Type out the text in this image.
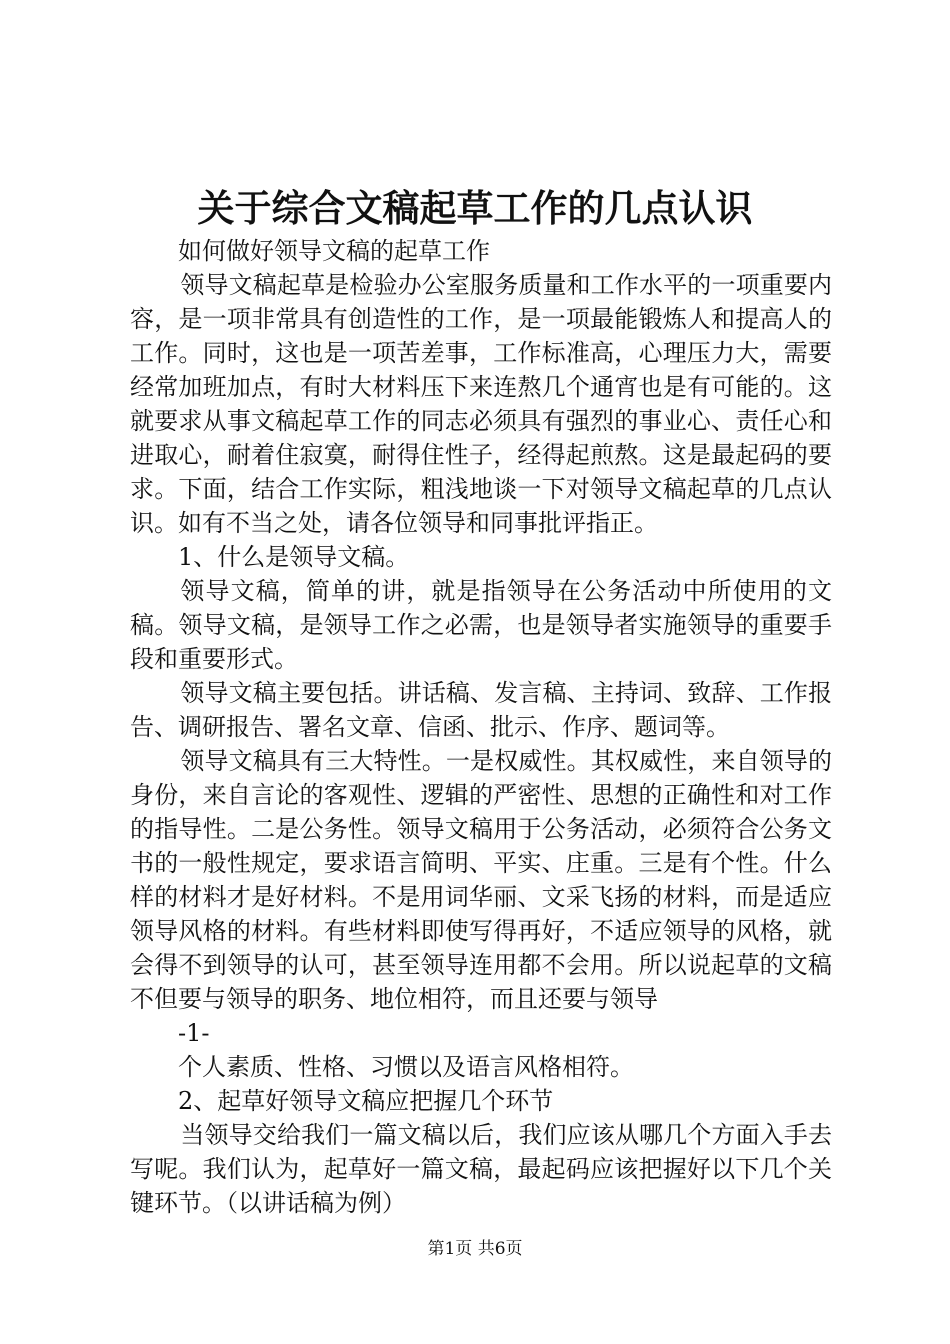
关于综合文稿起草工作的几点认识

如何做好领导文稿的起草工作

领导文稿起草是检验办公室服务质量和工作水平的一项重要内容，是一项非常具有创造性的工作，是一项最能锻炼人和提高人的工作。同时，这也是一项苦差事，工作标准高，心理压力大，需要经常加班加点，有时大材料压下来连熬几个通宵也是有可能的。这就要求从事文稿起草工作的同志必须具有强烈的事业心、责任心和进取心，耐着住寂寞，耐得住性子，经得起煎熬。这是最起码的要求。下面，结合工作实际，粗浅地谈一下对领导文稿起草的几点认识。如有不当之处，请各位领导和同事批评指正。

1、什么是领导文稿。

领导文稿，简单的讲，就是指领导在公务活动中所使用的文稿。领导文稿，是领导工作之必需，也是领导者实施领导的重要手段和重要形式。

领导文稿主要包括。讲话稿、发言稿、主持词、致辞、工作报告、调研报告、署名文章、信函、批示、作序、题词等。

领导文稿具有三大特性。一是权威性。其权威性，来自领导的身份，来自言论的客观性、逻辑的严密性、思想的正确性和对工作的指导性。二是公务性。领导文稿用于公务活动，必须符合公务文书的一般性规定，要求语言简明、平实、庄重。三是有个性。什么样的材料才是好材料。不是用词华丽、文采飞扬的材料，而是适应领导风格的材料。有些材料即使写得再好，不适应领导的风格，就会得不到领导的认可，甚至领导连用都不会用。所以说起草的文稿不但要与领导的职务、地位相符，而且还要与领导

-1-

个人素质、性格、习惯以及语言风格相符。

2、起草好领导文稿应把握几个环节

当领导交给我们一篇文稿以后，我们应该从哪几个方面入手去写呢。我们认为，起草好一篇文稿，最起码应该把握好以下几个关键环节。（以讲话稿为例）

第1页 共6页
